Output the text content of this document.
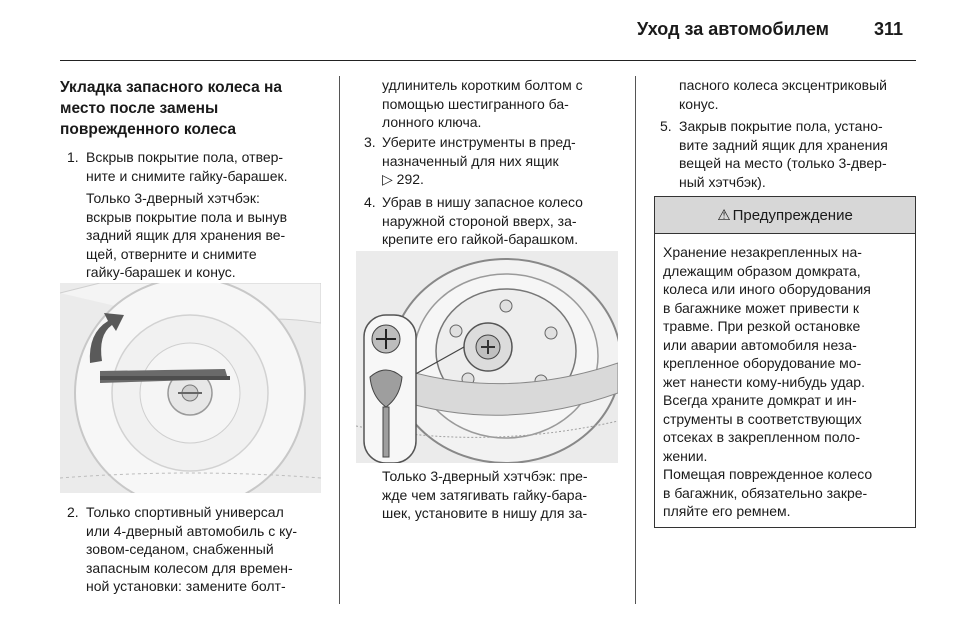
Уход за автомобилем	311
Укладка запасного колеса на
место после замены
поврежденного колеса
1. Вскрыв покрытие пола, отвер-
ните и снимите гайку-барашек.
Только 3-дверный хэтчбэк:
вскрыв покрытие пола и вынув
задний ящик для хранения ве-
щей, отверните и снимите
гайку-барашек и конус.
2. Только спортивный универсал
или 4-дверный автомобиль с ку-
зовом-седаном, снабженный
запасным колесом для времен-
ной установки: замените болт-
удлинитель коротким болтом с
помощью шестигранного ба-
лонного ключа.
3. Уберите инструменты в пред-
назначенный для них ящик
▷ 292.
4. Убрав в нишу запасное колесо
наружной стороной вверх, за-
крепите его гайкой-барашком.
Только 3-дверный хэтчбэк: пре-
жде чем затягивать гайку-бара-
шек, установите в нишу для за-
пасного колеса эксцентриковый
конус.
5. Закрыв покрытие пола, устано-
вите задний ящик для хранения
вещей на место (только 3-двер-
ный хэтчбэк).
⚠ Предупреждение
Хранение незакрепленных на-
длежащим образом домкрата,
колеса или иного оборудования
в багажнике может привести к
травме. При резкой остановке
или аварии автомобиля неза-
крепленное оборудование мо-
жет нанести кому-нибудь удар.
Всегда храните домкрат и ин-
струменты в соответствующих
отсеках в закрепленном поло-
жении.
Помещая поврежденное колесо
в багажник, обязательно закре-
пляйте его ремнем.
